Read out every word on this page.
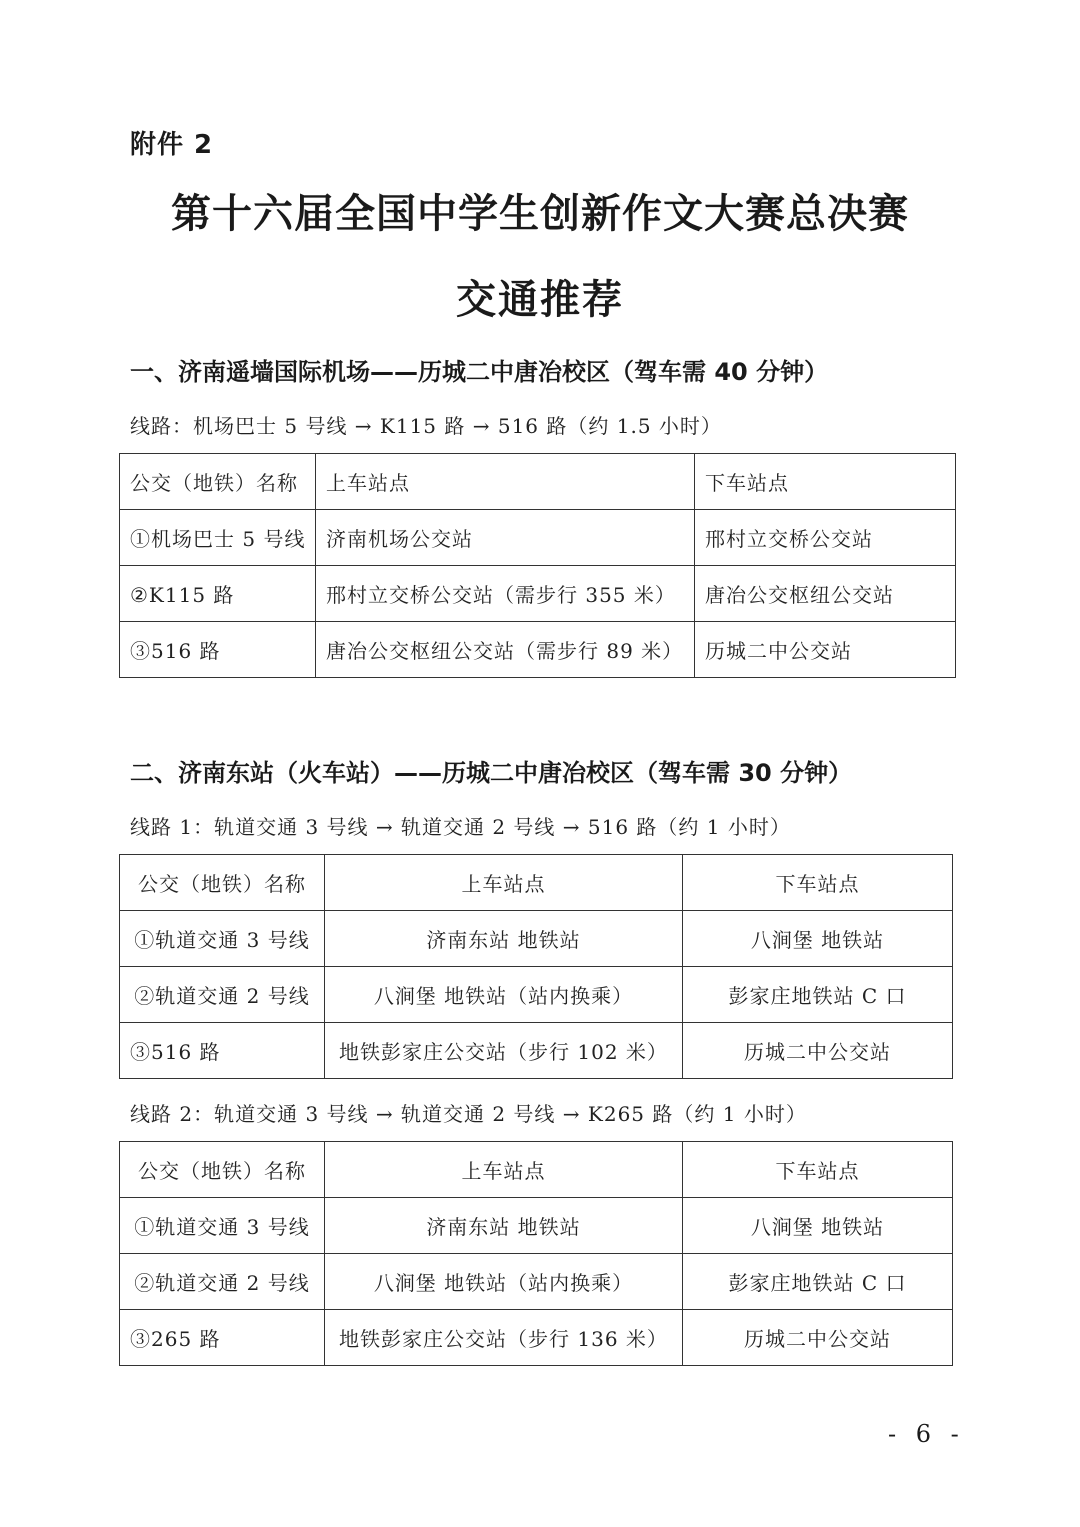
附件 2
第十六届全国中学生创新作文大赛总决赛
交通推荐
一、济南遥墙国际机场——历城二中唐冶校区（驾车需 40 分钟）
线路：机场巴士 5 号线 → K115 路 → 516 路（约 1.5 小时）
公交（地铁）名称	上车站点	下车站点
①机场巴士 5 号线	济南机场公交站	邢村立交桥公交站
②K115 路	邢村立交桥公交站（需步行 355 米）	唐冶公交枢纽公交站
③516 路	唐冶公交枢纽公交站（需步行 89 米）	历城二中公交站
二、济南东站（火车站）——历城二中唐冶校区（驾车需 30 分钟）
线路 1：轨道交通 3 号线 → 轨道交通 2 号线 → 516 路（约 1 小时）
公交（地铁）名称	上车站点	下车站点
①轨道交通 3 号线	济南东站 地铁站	八涧堡 地铁站
②轨道交通 2 号线	八涧堡 地铁站（站内换乘）	彭家庄地铁站 C 口
③516 路	地铁彭家庄公交站（步行 102 米）	历城二中公交站
线路 2：轨道交通 3 号线 → 轨道交通 2 号线 → K265 路（约 1 小时）
公交（地铁）名称	上车站点	下车站点
①轨道交通 3 号线	济南东站 地铁站	八涧堡 地铁站
②轨道交通 2 号线	八涧堡 地铁站（站内换乘）	彭家庄地铁站 C 口
③265 路	地铁彭家庄公交站（步行 136 米）	历城二中公交站
- 6 -
